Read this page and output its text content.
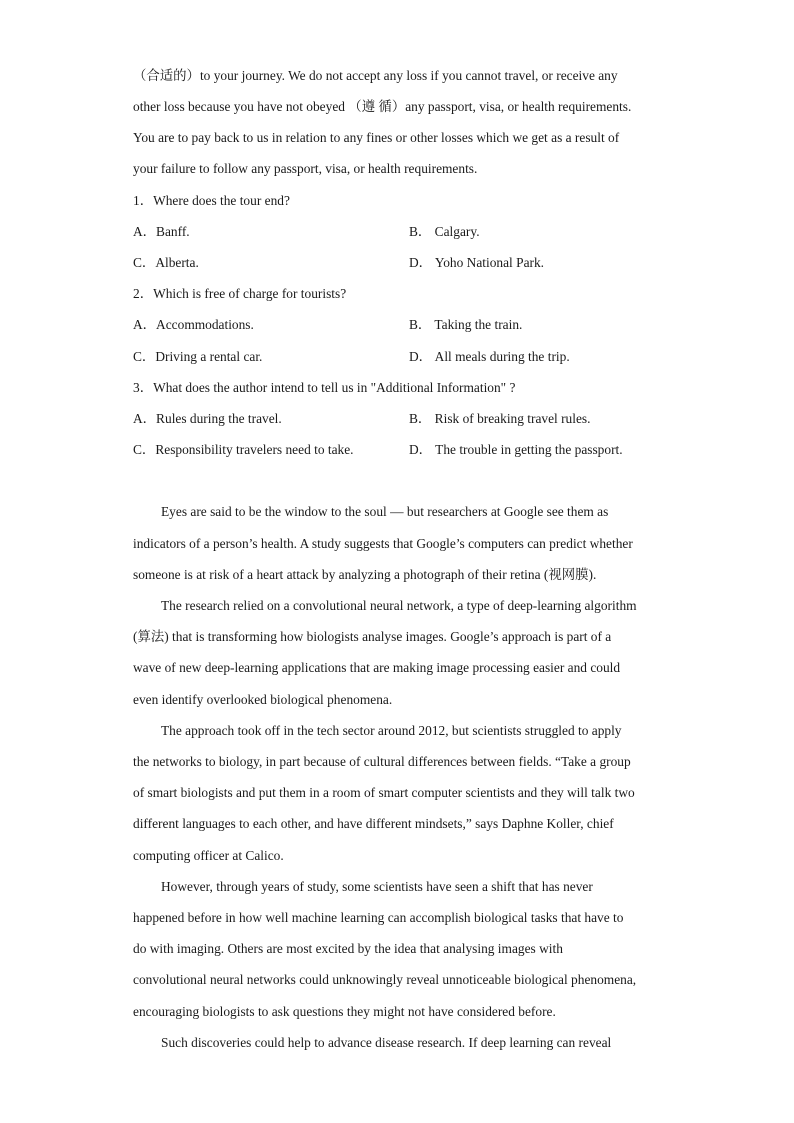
（合适的）to your journey. We do not accept any loss if you cannot travel, or receive any
other loss because you have not obeyed （遵 循）any passport, visa, or health requirements.
You are to pay back to us in relation to any fines or other losses which we get as a result of
your failure to follow any passport, visa, or health requirements.
1．Where does the tour end?
A．Banff.	B． Calgary.
C．Alberta.	D． Yoho National Park.
2．Which is free of charge for tourists?
A．Accommodations.	B． Taking the train.
C．Driving a rental car.	D． All meals during the trip.
3．What does the author intend to tell us in "Additional Information" ?
A．Rules during the travel.	B． Risk of breaking travel rules.
C．Responsibility travelers need to take.	D． The trouble in getting the passport.
Eyes are said to be the window to the soul — but researchers at Google see them as
indicators of a person’s health. A study suggests that Google’s computers can predict whether
someone is at risk of a heart attack by analyzing a photograph of their retina (视网膜).
The research relied on a convolutional neural network, a type of deep-learning algorithm
(算法) that is transforming how biologists analyse images. Google’s approach is part of a
wave of new deep-learning applications that are making image processing easier and could
even identify overlooked biological phenomena.
The approach took off in the tech sector around 2012, but scientists struggled to apply
the networks to biology, in part because of cultural differences between fields. “Take a group
of smart biologists and put them in a room of smart computer scientists and they will talk two
different languages to each other, and have different mindsets,” says Daphne Koller, chief
computing officer at Calico.
However, through years of study, some scientists have seen a shift that has never
happened before in how well machine learning can accomplish biological tasks that have to
do with imaging. Others are most excited by the idea that analysing images with
convolutional neural networks could unknowingly reveal unnoticeable biological phenomena,
encouraging biologists to ask questions they might not have considered before.
Such discoveries could help to advance disease research. If deep learning can reveal
